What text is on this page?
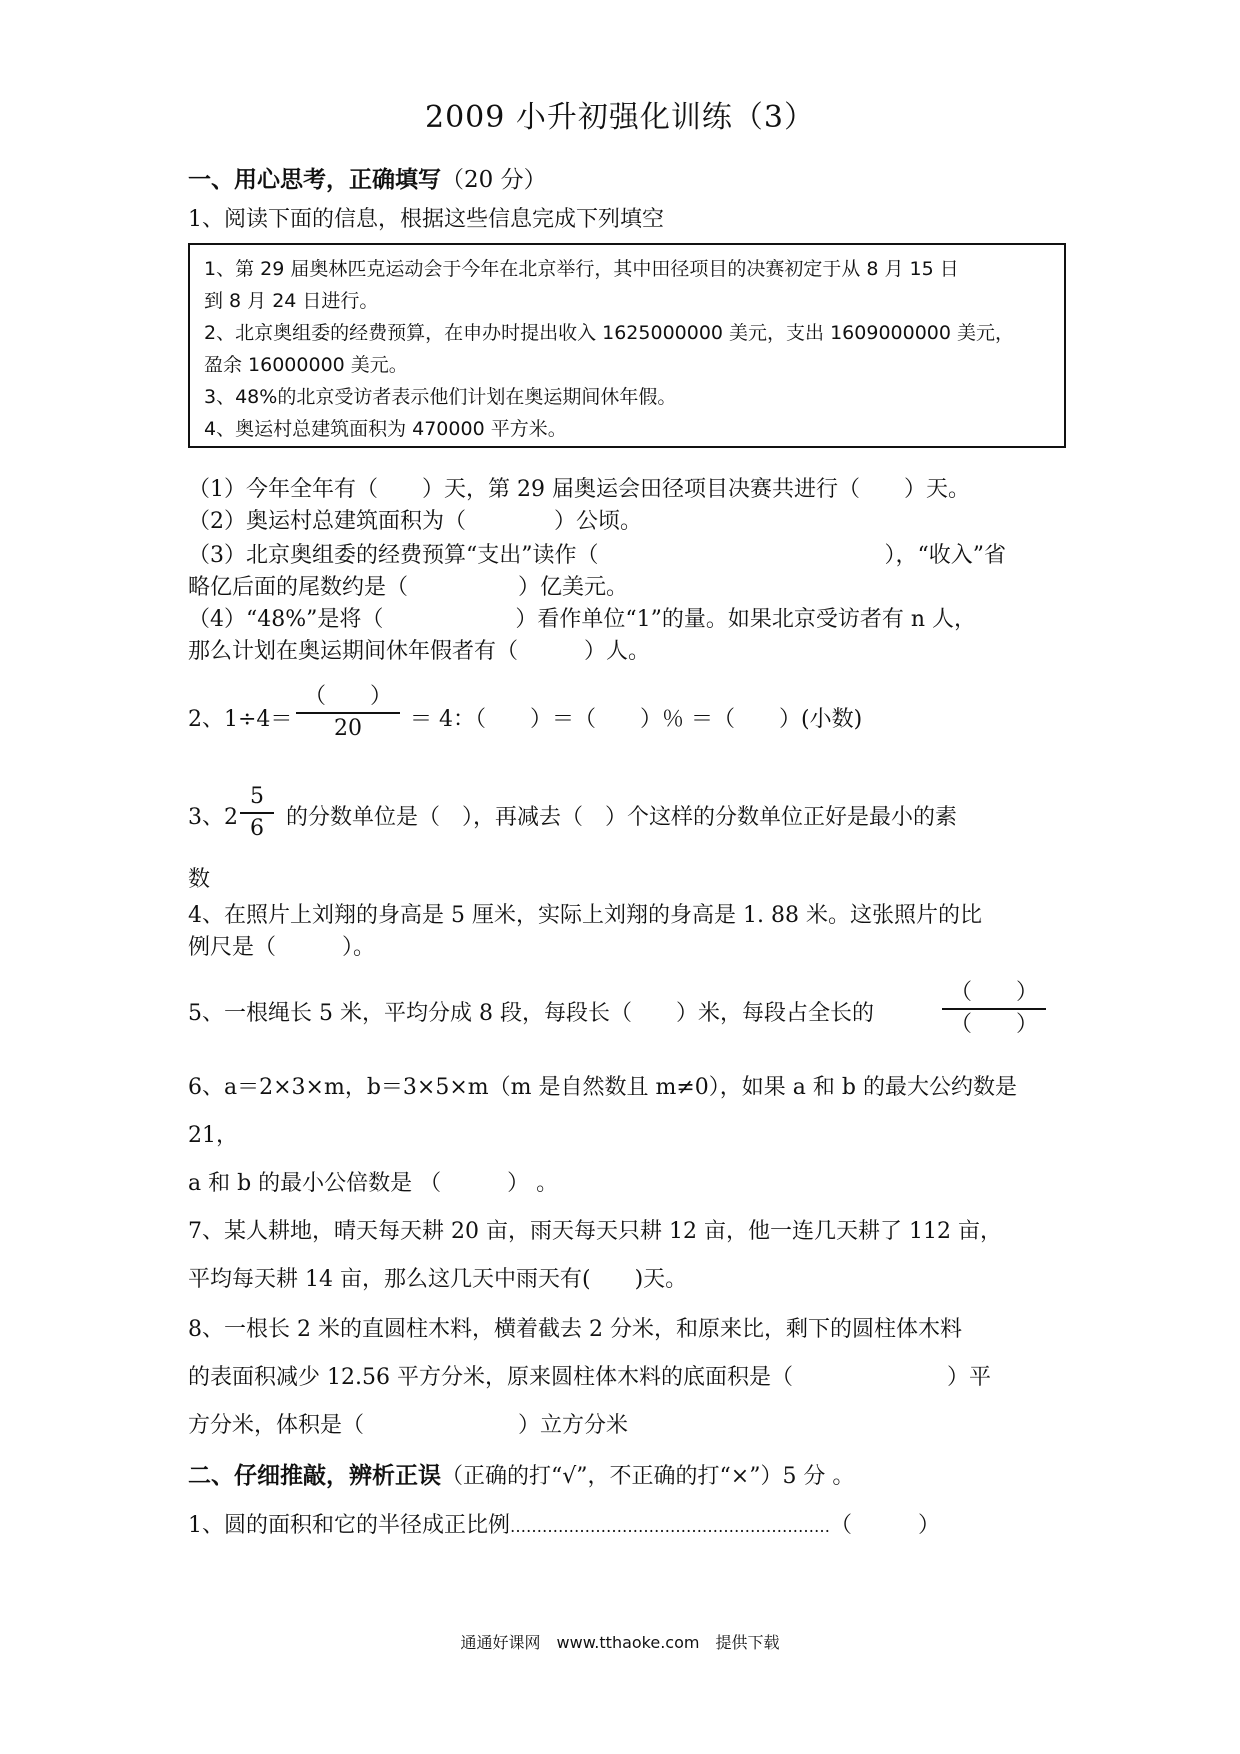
2009 小升初强化训练（3）
一、用心思考，正确填写（20 分）
1、阅读下面的信息，根据这些信息完成下列填空
1、第 29 届奥林匹克运动会于今年在北京举行，其中田径项目的决赛初定于从 8 月 15 日
到 8 月 24 日进行。
2、北京奥组委的经费预算，在申办时提出收入 1625000000 美元，支出 1609000000 美元，
盈余 16000000 美元。
3、48%的北京受访者表示他们计划在奥运期间休年假。
4、奥运村总建筑面积为 470000 平方米。
（1）今年全年有（　　）天，第 29 届奥运会田径项目决赛共进行（　　）天。
（2）奥运村总建筑面积为（　　　　）公顷。
（3）北京奥组委的经费预算“支出”读作（　　　　　　　　　　　　　），“收入”省
略亿后面的尾数约是（　　　　　）亿美元。
（4）“48%”是将（　　　　　　）看作单位“1”的量。如果北京受访者有 n 人，
那么计划在奥运期间休年假者有（　　　）人。
2、1÷4＝
（　　）
20	＝ 4：（　　）＝（　　）％ ＝（　　）(小数)
3、2
5
6	的分数单位是（　），再减去（　）个这样的分数单位正好是最小的素
数
4、在照片上刘翔的身高是 5 厘米，实际上刘翔的身高是 1. 88 米。这张照片的比
例尺是（　　　）。
5、一根绳长 5 米，平均分成 8 段，每段长（　　）米，每段占全长的
（　　）
（　　）
6、a＝2×3×m，b＝3×5×m（m 是自然数且 m≠0），如果 a 和 b 的最大公约数是
21，
a 和 b 的最小公倍数是 （　　　） 。
7、某人耕地，晴天每天耕 20 亩，雨天每天只耕 12 亩，他一连几天耕了 112 亩，
平均每天耕 14 亩，那么这几天中雨天有(　　)天。
8、一根长 2 米的直圆柱木料，横着截去 2 分米，和原来比，剩下的圆柱体木料
的表面积减少 12.56 平方分米，原来圆柱体木料的底面积是（　　　　　　　）平
方分米，体积是（　　　　　　　）立方分米
二、仔细推敲，辨析正误（正确的打“√”，不正确的打“×”）5 分 。
1、圆的面积和它的半径成正比例……………………………………………………（　　　）
通通好课网　www.tthaoke.com　提供下载
